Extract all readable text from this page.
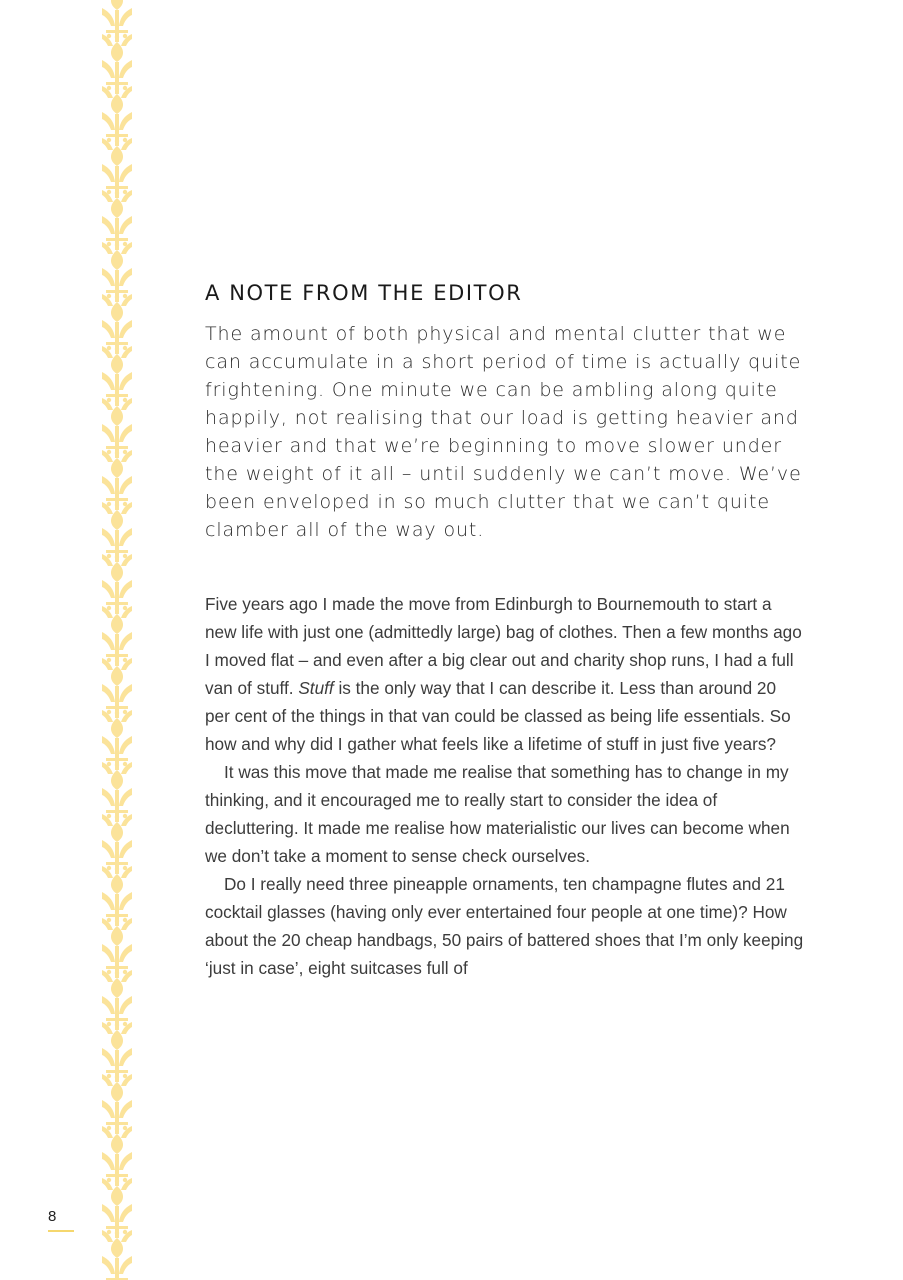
A NOTE FROM THE EDITOR

The amount of both physical and mental clutter that we can accumulate in a short period of time is actually quite frightening. One minute we can be ambling along quite happily, not realising that our load is getting heavier and heavier and that we’re beginning to move slower under the weight of it all – until suddenly we can’t move. We’ve been enveloped in so much clutter that we can’t quite clamber all of the way out.

Five years ago I made the move from Edinburgh to Bournemouth to start a new life with just one (admittedly large) bag of clothes. Then a few months ago I moved flat – and even after a big clear out and charity shop runs, I had a full van of stuff. Stuff is the only way that I can describe it. Less than around 20 per cent of the things in that van could be classed as being life essentials. So how and why did I gather what feels like a lifetime of stuff in just five years?

It was this move that made me realise that something has to change in my thinking, and it encouraged me to really start to consider the idea of decluttering. It made me realise how materialistic our lives can become when we don’t take a moment to sense check ourselves.

Do I really need three pineapple ornaments, ten champagne flutes and 21 cocktail glasses (having only ever entertained four people at one time)? How about the 20 cheap handbags, 50 pairs of battered shoes that I’m only keeping ‘just in case’, eight suitcases full of

8
